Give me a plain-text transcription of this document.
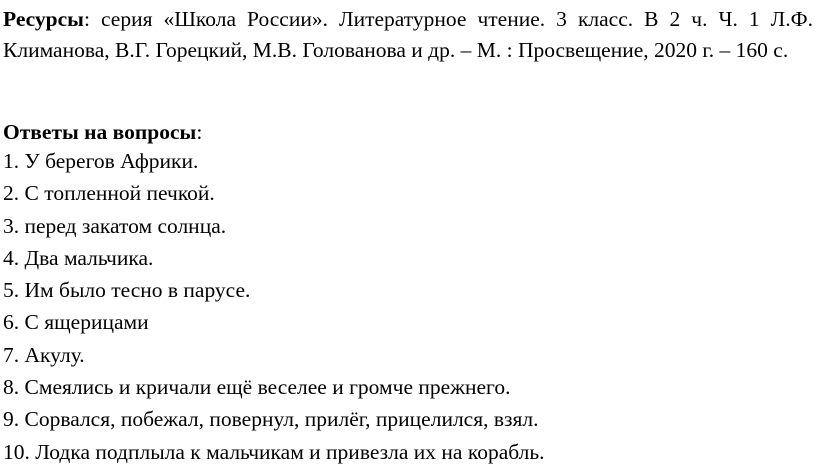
Ресурсы: серия «Школа России». Литературное чтение. 3 класс. В 2 ч. Ч. 1 Л.Ф. Климанова, В.Г. Горецкий, М.В. Голованова и др. – М. : Просвещение, 2020 г. – 160 с.

Ответы на вопросы:

1. У берегов Африки.
2. С топленной печкой.
3. перед закатом солнца.
4. Два мальчика.
5. Им было тесно в парусе.
6. С ящерицами
7. Акулу.
8. Смеялись и кричали ещё веселее и громче прежнего.
9. Сорвался, побежал, повернул, прилёг, прицелился, взял.
10. Лодка подплыла к мальчикам и привезла их на корабль.
